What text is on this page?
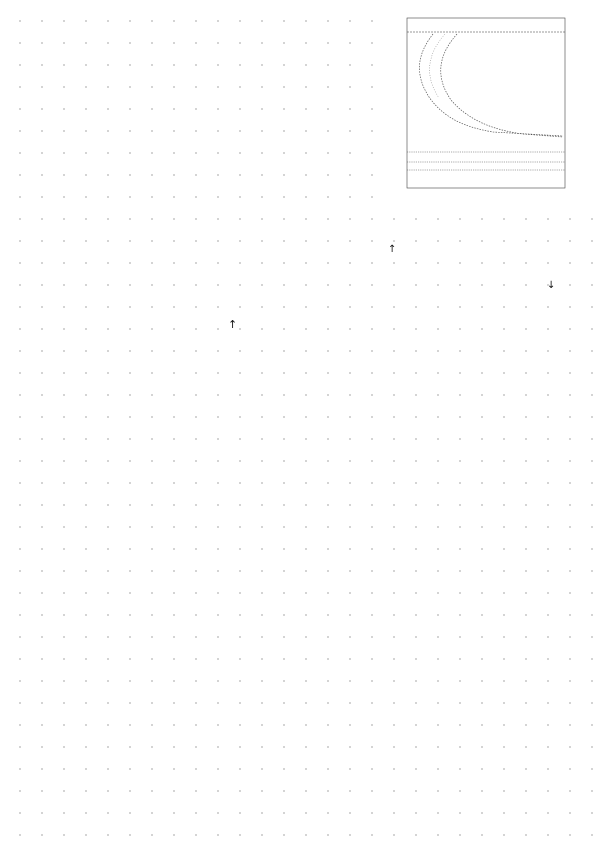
↑
↑
↓
